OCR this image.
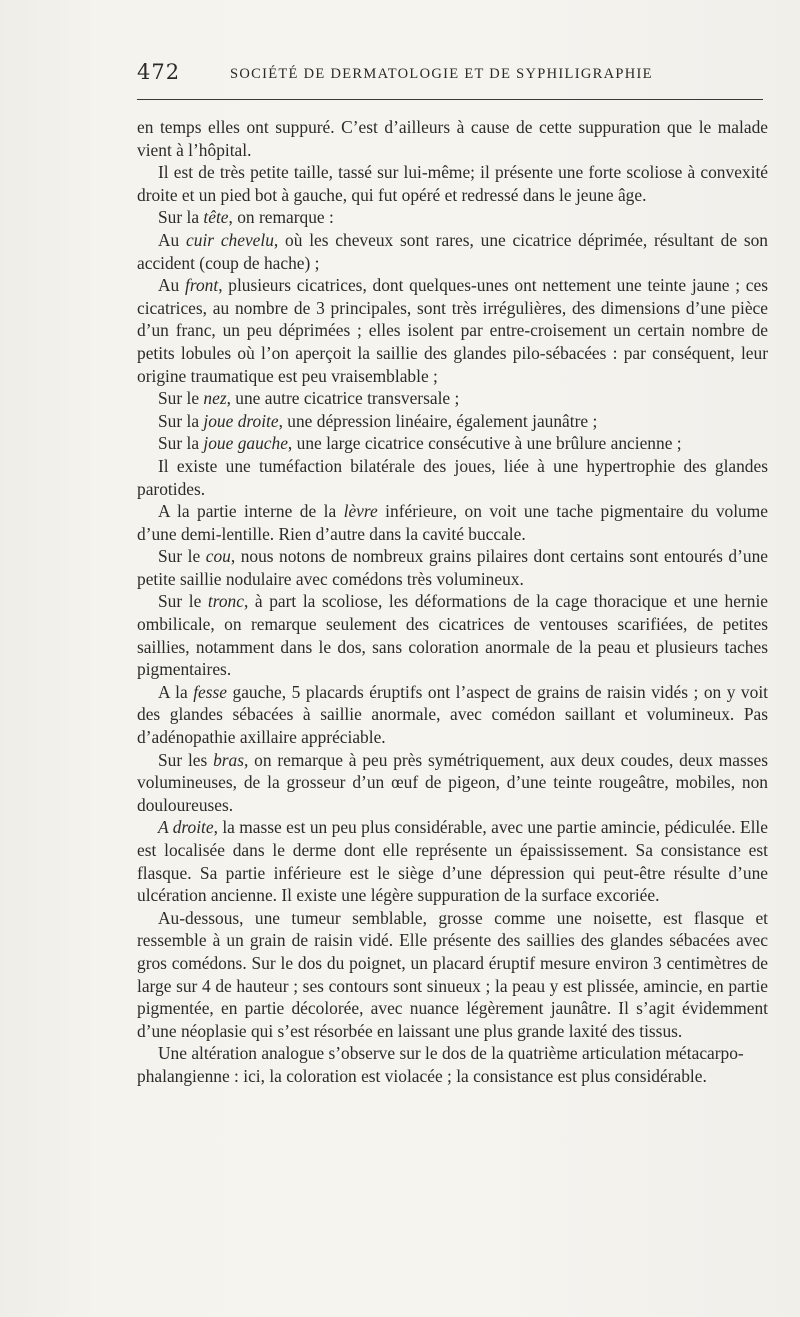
472	SOCIÉTÉ DE DERMATOLOGIE ET DE SYPHILIGRAPHIE

en temps elles ont suppuré. C’est d’ailleurs à cause de cette suppuration que le malade vient à l’hôpital.

Il est de très petite taille, tassé sur lui-même; il présente une forte scoliose à convexité droite et un pied bot à gauche, qui fut opéré et redressé dans le jeune âge.

Sur la tête, on remarque :

Au cuir chevelu, où les cheveux sont rares, une cicatrice déprimée, résultant de son accident (coup de hache) ;

Au front, plusieurs cicatrices, dont quelques-unes ont nettement une teinte jaune ; ces cicatrices, au nombre de 3 principales, sont très irrégulières, des dimensions d’une pièce d’un franc, un peu déprimées ; elles isolent par entre-croisement un certain nombre de petits lobules où l’on aperçoit la saillie des glandes pilo-sébacées : par conséquent, leur origine traumatique est peu vraisemblable ;

Sur le nez, une autre cicatrice transversale ;

Sur la joue droite, une dépression linéaire, également jaunâtre ;

Sur la joue gauche, une large cicatrice consécutive à une brûlure ancienne ;

Il existe une tuméfaction bilatérale des joues, liée à une hypertrophie des glandes parotides.

A la partie interne de la lèvre inférieure, on voit une tache pigmentaire du volume d’une demi-lentille. Rien d’autre dans la cavité buccale.

Sur le cou, nous notons de nombreux grains pilaires dont certains sont entourés d’une petite saillie nodulaire avec comédons très volumineux.

Sur le tronc, à part la scoliose, les déformations de la cage thoracique et une hernie ombilicale, on remarque seulement des cicatrices de ventouses scarifiées, de petites saillies, notamment dans le dos, sans coloration anormale de la peau et plusieurs taches pigmentaires.

A la fesse gauche, 5 placards éruptifs ont l’aspect de grains de raisin vidés ; on y voit des glandes sébacées à saillie anormale, avec comédon saillant et volumineux. Pas d’adénopathie axillaire appréciable.

Sur les bras, on remarque à peu près symétriquement, aux deux coudes, deux masses volumineuses, de la grosseur d’un œuf de pigeon, d’une teinte rougeâtre, mobiles, non douloureuses.

A droite, la masse est un peu plus considérable, avec une partie amincie, pédiculée. Elle est localisée dans le derme dont elle représente un épaississement. Sa consistance est flasque. Sa partie inférieure est le siège d’une dépression qui peut-être résulte d’une ulcération ancienne. Il existe une légère suppuration de la surface excoriée.

Au-dessous, une tumeur semblable, grosse comme une noisette, est flasque et ressemble à un grain de raisin vidé. Elle présente des saillies des glandes sébacées avec gros comédons. Sur le dos du poignet, un placard éruptif mesure environ 3 centimètres de large sur 4 de hauteur ; ses contours sont sinueux ; la peau y est plissée, amincie, en partie pigmentée, en partie décolorée, avec nuance légèrement jaunâtre. Il s’agit évidemment d’une néoplasie qui s’est résorbée en laissant une plus grande laxité des tissus.

Une altération analogue s’observe sur le dos de la quatrième articulation métacarpo-phalangienne : ici, la coloration est violacée ; la consistance est plus considérable.
